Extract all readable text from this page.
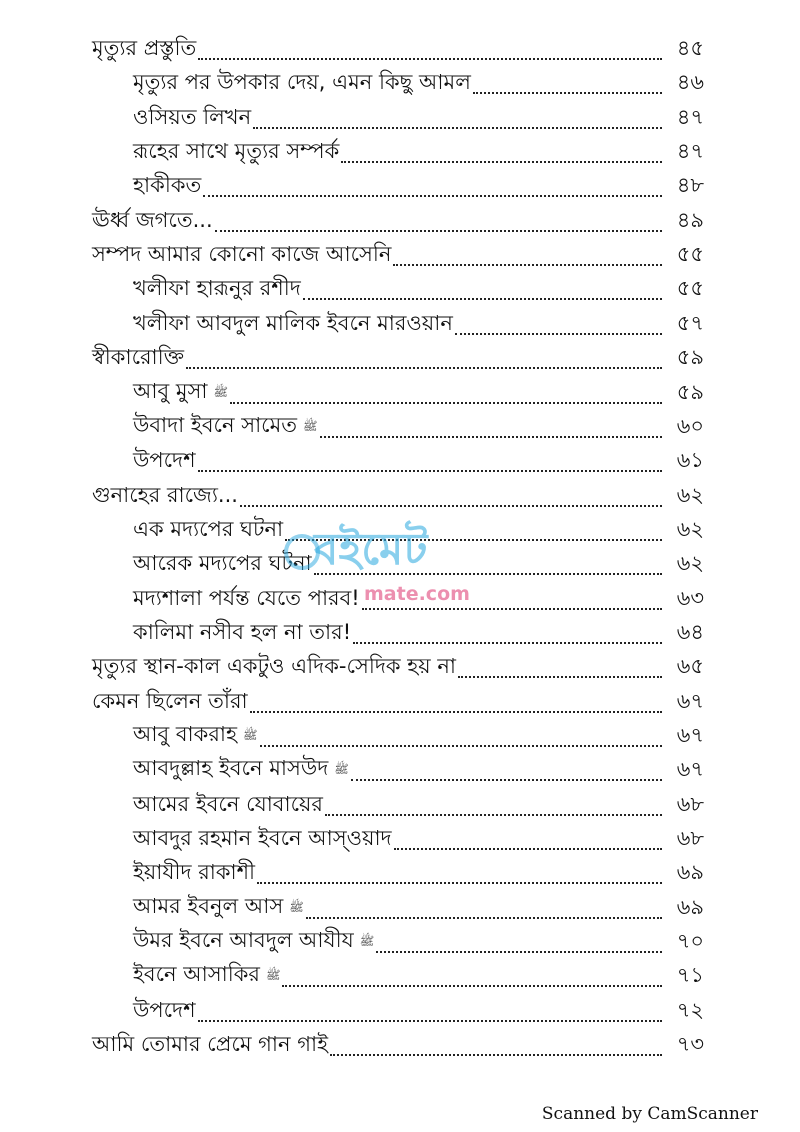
মৃত্যুর প্রস্তুতি	৪৫
মৃত্যুর পর উপকার দেয়, এমন কিছু আমল	৪৬
ওসিয়ত লিখন	৪৭
রূহের সাথে মৃত্যুর সম্পর্ক	৪৭
হাকীকত	৪৮
ঊর্ধ্ব জগতে...	৪৯
সম্পদ আমার কোনো কাজে আসেনি	৫৫
খলীফা হারূনুর রশীদ	৫৫
খলীফা আবদুল মালিক ইবনে মারওয়ান	৫৭
স্বীকারোক্তি	৫৯
আবু মুসা ﷺ	৫৯
উবাদা ইবনে সামেত ﷺ	৬০
উপদেশ	৬১
গুনাহের রাজ্যে...	৬২
এক মদ্যপের ঘটনা	৬২
আরেক মদ্যপের ঘটনা	৬২
মদ্যশালা পর্যন্ত যেতে পারব!	৬৩
কালিমা নসীব হল না তার!	৬৪
মৃত্যুর স্থান-কাল একটুও এদিক-সেদিক হয় না	৬৫
কেমন ছিলেন তাঁরা	৬৭
আবু বাকরাহ ﷺ	৬৭
আবদুল্লাহ ইবনে মাসউদ ﷺ	৬৭
আমের ইবনে যোবায়ের	৬৮
আবদুর রহমান ইবনে আস্ওয়াদ	৬৮
ইয়াযীদ রাকাশী	৬৯
আমর ইবনুল আস ﷺ	৬৯
উমর ইবনে আবদুল আযীয ﷺ	৭০
ইবনে আসাকির ﷺ	৭১
উপদেশ	৭২
আমি তোমার প্রেমে গান গাই	৭৩
বইমেট
mate.com
Scanned by CamScanner
